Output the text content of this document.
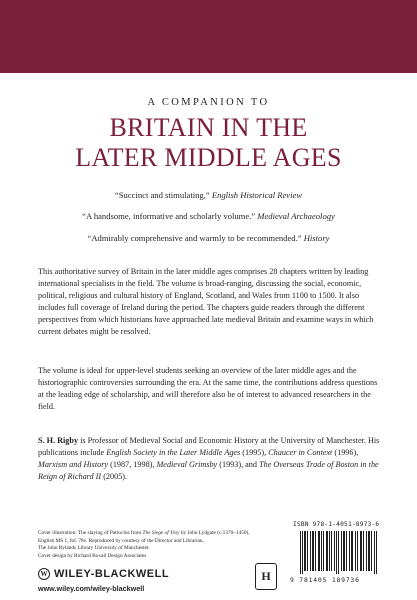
A COMPANION TO
BRITAIN IN THE
LATER MIDDLE AGES
“Succinct and stimulating,” English Historical Review
“A handsome, informative and scholarly volume.” Medieval Archaeology
“Admirably comprehensive and warmly to be recommended.” History

This authoritative survey of Britain in the later middle ages comprises 28 chapters written by leading international specialists in the field. The volume is broad-ranging, discussing the social, economic, political, religious and cultural history of England, Scotland, and Wales from 1100 to 1500. It also includes full coverage of Ireland during the period. The chapters guide readers through the different perspectives from which historians have approached late medieval Britain and examine ways in which current debates might be resolved.

The volume is ideal for upper-level students seeking an overview of the later middle ages and the historiographic controversies surrounding the era. At the same time, the contributions address questions at the leading edge of scholarship, and will therefore also be of interest to advanced researchers in the field.

S. H. Rigby is Professor of Medieval Social and Economic History at the University of Manchester. His publications include English Society in the Later Middle Ages (1995), Chaucer in Context (1996), Marxism and History (1987, 1998), Medieval Grimsby (1993), and The Overseas Trade of Boston in the Reign of Richard II (2005).

Cover illustration: The slaying of Patroclus from The Siege of Troy by John Lydgate (c.1370–1450),
English MS 1, fol. 78v. Reproduced by courtesy of the Director and Librarian,
The John Rylands Library University of Manchester.
Cover design by Richard Boxall Design Associates
W WILEY-BLACKWELL
www.wiley.com/wiley-blackwell
H
ISBN 978-1-4051-8973-6
9 781405 189736
